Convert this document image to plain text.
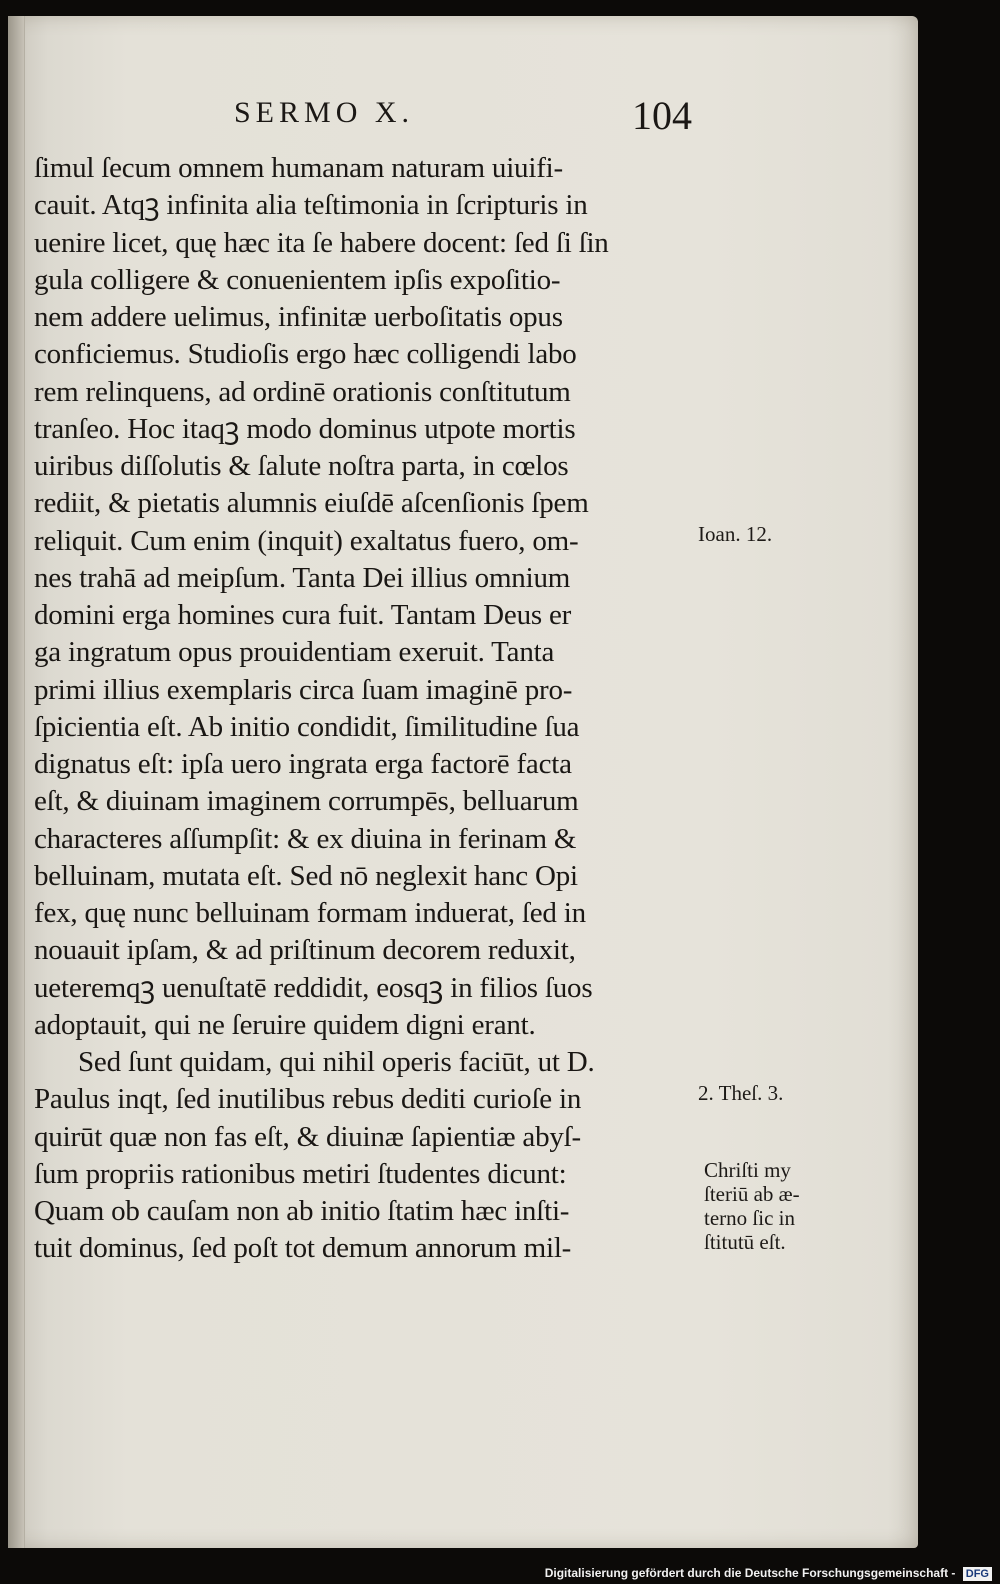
SERMO X.	104
ſimul ſecum omnem humanam naturam uiuifi-
cauit. Atqꝫ infinita alia teſtimonia in ſcripturis in
uenire licet, quę hæc ita ſe habere docent: ſed ſi ſin
gula colligere & conuenientem ipſis expoſitio-
nem addere uelimus, infinitæ uerboſitatis opus
conficiemus. Studioſis ergo hæc colligendi labo
rem relinquens, ad ordinē orationis conſtitutum
tranſeo. Hoc itaqꝫ modo dominus utpote mortis
uiribus diſſolutis & ſalute noſtra parta, in cœlos
rediit, & pietatis alumnis eiuſdē aſcenſionis ſpem
reliquit. Cum enim (inquit) exaltatus fuero, om-
nes trahā ad meipſum. Tanta Dei illius omnium
domini erga homines cura fuit. Tantam Deus er
ga ingratum opus prouidentiam exeruit. Tanta
primi illius exemplaris circa ſuam imaginē pro-
ſpicientia eſt. Ab initio condidit, ſimilitudine ſua
dignatus eſt: ipſa uero ingrata erga factorē facta
eſt, & diuinam imaginem corrumpēs, belluarum
characteres aſſumpſit: & ex diuina in ferinam &
belluinam, mutata eſt. Sed nō neglexit hanc Opi
fex, quę nunc belluinam formam induerat, ſed in
nouauit ipſam, & ad priſtinum decorem reduxit,
ueteremqꝫ uenuſtatē reddidit, eosqꝫ in filios ſuos
adoptauit, qui ne ſeruire quidem digni erant.
Sed ſunt quidam, qui nihil operis faciūt, ut D.
Paulus inqt, ſed inutilibus rebus dediti curioſe in
quirūt quæ non fas eſt, & diuinæ ſapientiæ abyſ-
ſum propriis rationibus metiri ſtudentes dicunt:
Quam ob cauſam non ab initio ſtatim hæc inſti-
tuit dominus, ſed poſt tot demum annorum mil-
Ioan. 12.
2. Theſ. 3.
Chriſti my
ſteriū ab æ-
terno ſic in
ſtitutū eſt.
Digitalisierung gefördert durch die Deutsche Forschungsgemeinschaft - DFG
